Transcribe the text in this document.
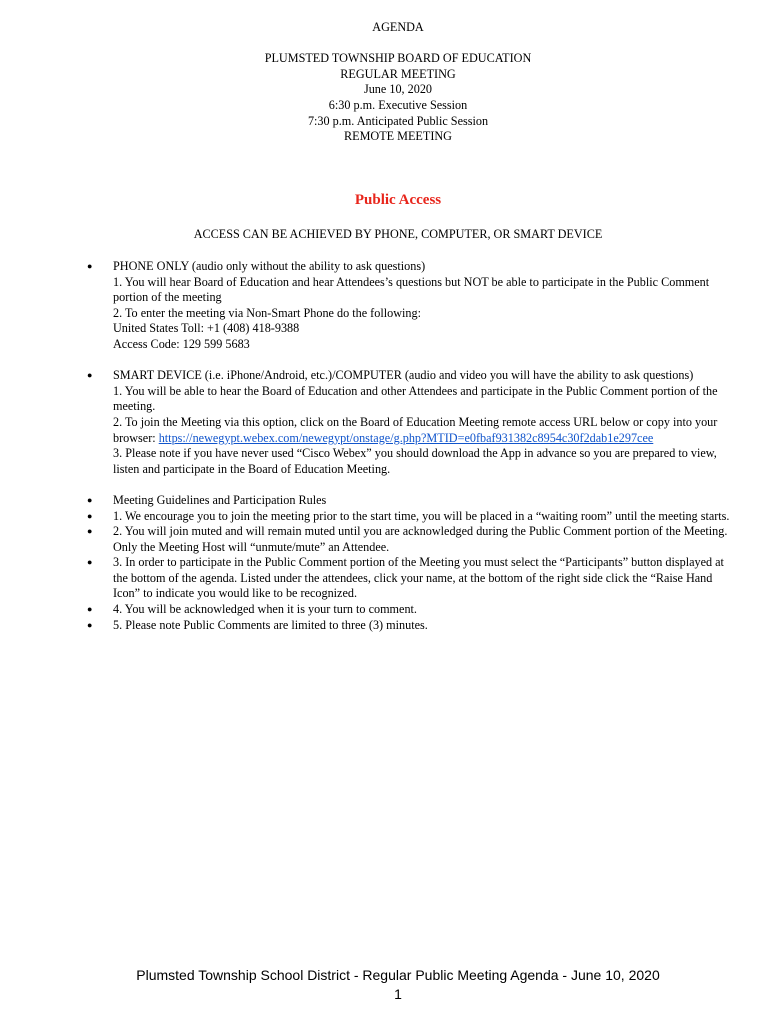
AGENDA
PLUMSTED TOWNSHIP BOARD OF EDUCATION
REGULAR MEETING
June 10, 2020
6:30 p.m. Executive Session
7:30 p.m. Anticipated Public Session
REMOTE MEETING
Public Access
ACCESS CAN BE ACHIEVED BY PHONE, COMPUTER, OR SMART DEVICE
●	PHONE ONLY (audio only without the ability to ask questions)
1. You will hear Board of Education and hear Attendees’s questions but NOT be able to participate in the Public Comment portion of the meeting
2. To enter the meeting via Non-Smart Phone do the following:
United States Toll: +1 (408) 418-9388
Access Code: 129 599 5683
●	SMART DEVICE (i.e. iPhone/Android, etc.)/COMPUTER (audio and video you will have the ability to ask questions)
1. You will be able to hear the Board of Education and other Attendees and participate in the Public Comment portion of the meeting.
2. To join the Meeting via this option, click on the Board of Education Meeting remote access URL below or copy into your browser: https://newegypt.webex.com/newegypt/onstage/g.php?MTID=e0fbaf931382c8954c30f2dab1e297cee
3. Please note if you have never used “Cisco Webex” you should download the App in advance so you are prepared to view, listen and participate in the Board of Education Meeting.
●	Meeting Guidelines and Participation Rules
●	1. We encourage you to join the meeting prior to the start time, you will be placed in a “waiting room” until the meeting starts.
●	2. You will join muted and will remain muted until you are acknowledged during the Public Comment portion of the Meeting. Only the Meeting Host will “unmute/mute” an Attendee.
●	3. In order to participate in the Public Comment portion of the Meeting you must select the “Participants” button displayed at the bottom of the agenda. Listed under the attendees, click your name, at the bottom of the right side click the “Raise Hand Icon” to indicate you would like to be recognized.
●	4. You will be acknowledged when it is your turn to comment.
●	5. Please note Public Comments are limited to three (3) minutes.
Plumsted Township School District - Regular Public Meeting Agenda - June 10, 2020
1
